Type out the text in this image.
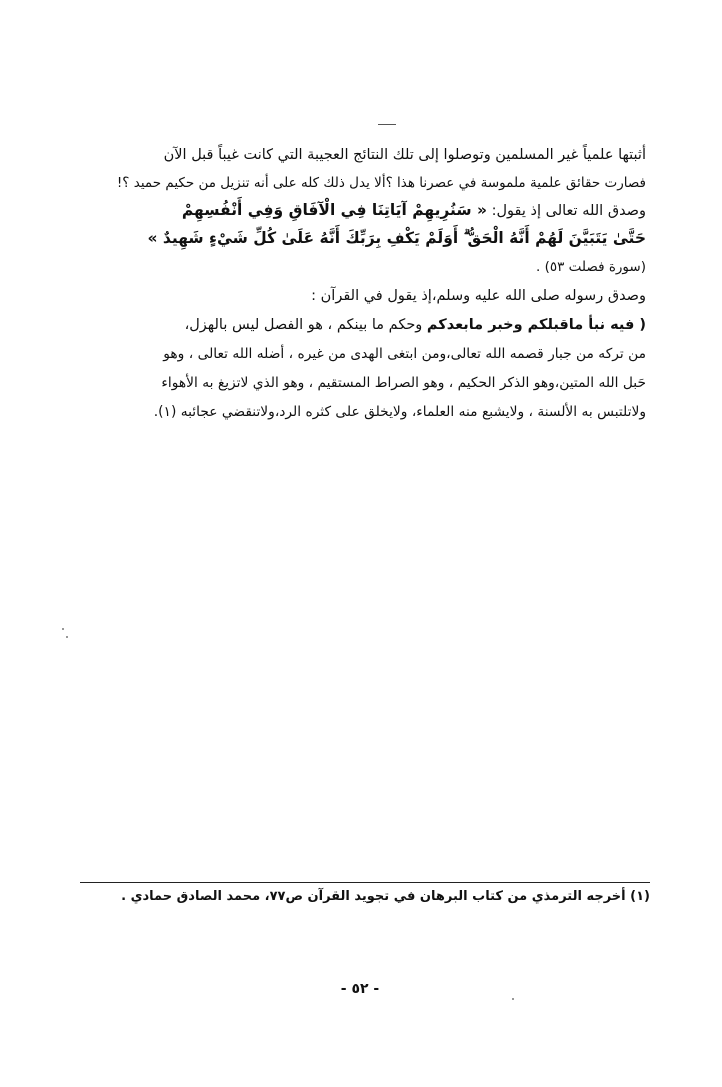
أثبتها علمياً غير المسلمين وتوصلوا إلى تلك النتائج العجيبة التي كانت غيباً قبل الآن
فصارت حقائق علمية ملموسة في عصرنا هذا ؟ألا يدل ذلك كله على أنه تنزيل من حكيم حميد ؟!
وصدق الله تعالى إذ يقول: « سَنُرِيهِمْ آيَاتِنَا فِي الْآفَاقِ وَفِي أَنْفُسِهِمْ
حَتَّىٰ يَتَبَيَّنَ لَهُمْ أَنَّهُ الْحَقُّ ۗ أَوَلَمْ يَكْفِ بِرَبِّكَ أَنَّهُ عَلَىٰ كُلِّ شَيْءٍ شَهِيدٌ »
(سورة فصلت ٥٣) .
وصدق رسوله صلى الله عليه وسلم،إذ يقول في القرآن :
( فيه نبأ ماقبلكم وخبر مابعدكم وحكم ما بينكم ، هو الفصل ليس بالهزل،
من تركه من جبار قصمه الله تعالى،ومن ابتغى الهدى من غيره ، أضله الله تعالى ، وهو
حَبل الله المتين،وهو الذكر الحكيم ، وهو الصراط المستقيم ، وهو الذي لاتزيغ به الأهواء
ولاتلتبس به الألسنة ، ولايشبع منه العلماء، ولايخلق على كثره الرد،ولاتنقضي عجائبه (١).
(١) أخرجه الترمذي من كتاب البرهان في تجويد القرآن ص٧٧، محمد الصادق حمادي .
- ٥٢ -
